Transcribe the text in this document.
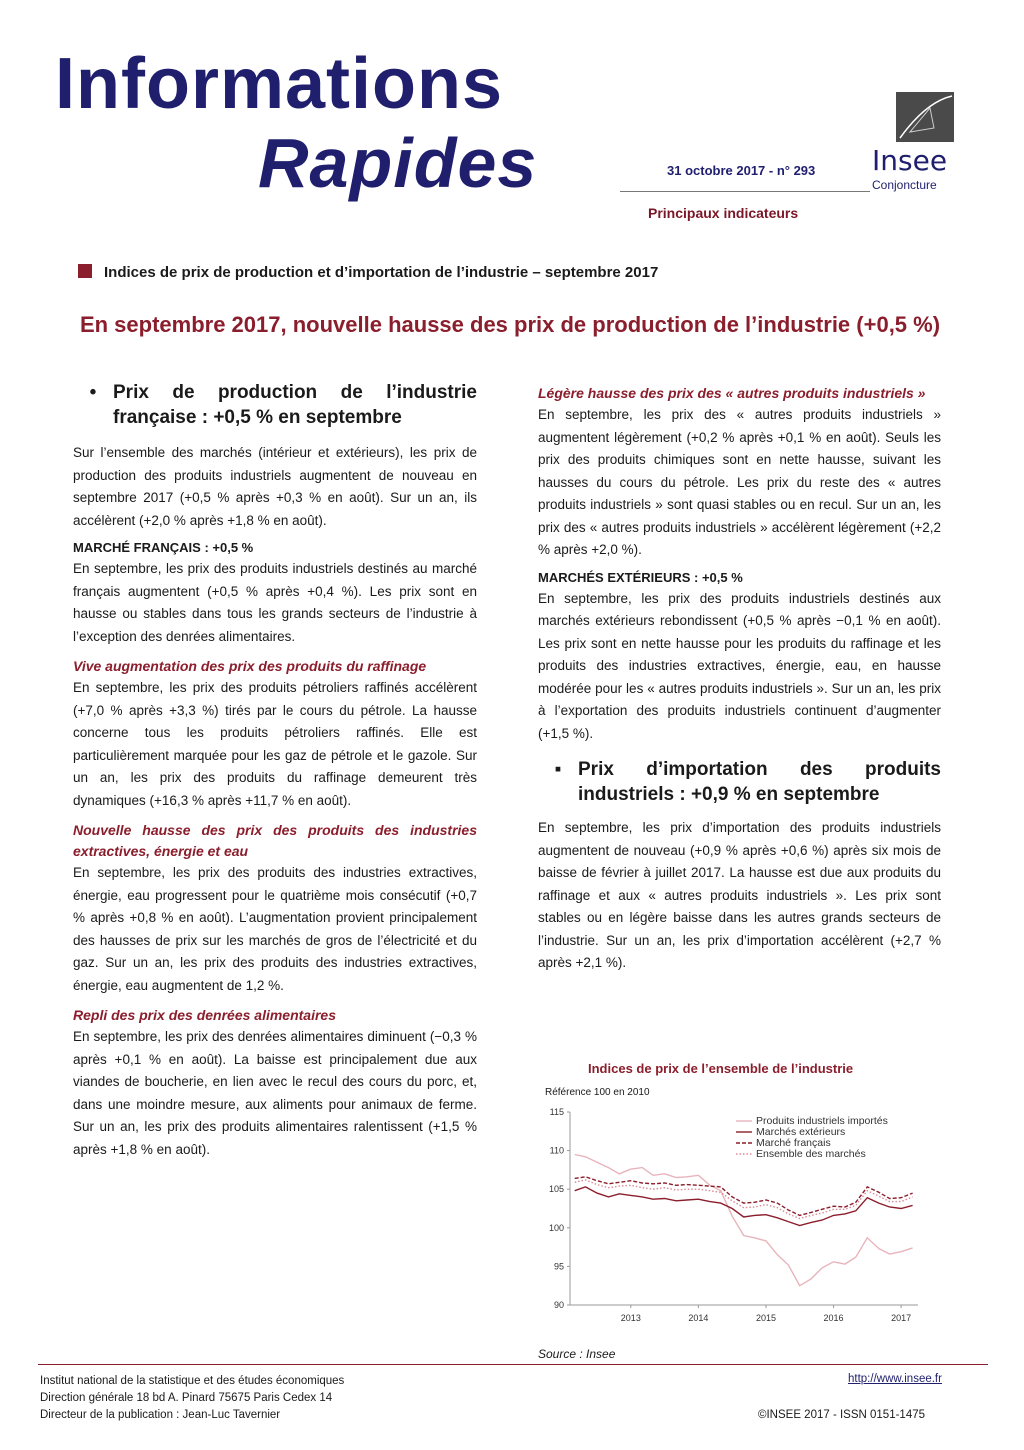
Informations
Rapides	31 octobre 2017 - n° 293
Principaux indicateurs
Insee
Conjoncture
Indices de prix de production et d’importation de l’industrie – septembre 2017
En septembre 2017, nouvelle hausse des prix de production de l’industrie (+0,5 %)
• Prix de production de l’industrie française : +0,5 % en septembre

Sur l’ensemble des marchés (intérieur et extérieurs), les prix de production des produits industriels augmentent de nouveau en septembre 2017 (+0,5 % après +0,3 % en août). Sur un an, ils accélèrent (+2,0 % après +1,8 % en août).

MARCHÉ FRANÇAIS : +0,5 %

En septembre, les prix des produits industriels destinés au marché français augmentent (+0,5 % après +0,4 %). Les prix sont en hausse ou stables dans tous les grands secteurs de l’industrie à l’exception des denrées alimentaires.

Vive augmentation des prix des produits du raffinage

En septembre, les prix des produits pétroliers raffinés accélèrent (+7,0 % après +3,3 %) tirés par le cours du pétrole. La hausse concerne tous les produits pétroliers raffinés. Elle est particulièrement marquée pour les gaz de pétrole et le gazole. Sur un an, les prix des produits du raffinage demeurent très dynamiques (+16,3 % après +11,7 % en août).

Nouvelle hausse des prix des produits des industries extractives, énergie et eau

En septembre, les prix des produits des industries extractives, énergie, eau progressent pour le quatrième mois consécutif (+0,7 % après +0,8 % en août). L’augmentation provient principalement des hausses de prix sur les marchés de gros de l’électricité et du gaz. Sur un an, les prix des produits des industries extractives, énergie, eau augmentent de 1,2 %.

Repli des prix des denrées alimentaires

En septembre, les prix des denrées alimentaires diminuent (−0,3 % après +0,1 % en août). La baisse est principalement due aux viandes de boucherie, en lien avec le recul des cours du porc, et, dans une moindre mesure, aux aliments pour animaux de ferme. Sur un an, les prix des produits alimentaires ralentissent (+1,5 % après +1,8 % en août).

Légère hausse des prix des « autres produits industriels »

En septembre, les prix des « autres produits industriels » augmentent légèrement (+0,2 % après +0,1 % en août). Seuls les prix des produits chimiques sont en nette hausse, suivant les hausses du cours du pétrole. Les prix du reste des « autres produits industriels » sont quasi stables ou en recul. Sur un an, les prix des « autres produits industriels » accélèrent légèrement (+2,2 % après +2,0 %).

MARCHÉS EXTÉRIEURS : +0,5 %

En septembre, les prix des produits industriels destinés aux marchés extérieurs rebondissent (+0,5 % après −0,1 % en août). Les prix sont en nette hausse pour les produits du raffinage et les produits des industries extractives, énergie, eau, en hausse modérée pour les « autres produits industriels ». Sur un an, les prix à l’exportation des produits industriels continuent d’augmenter (+1,5 %).

▪ Prix d’importation des produits industriels : +0,9 % en septembre

En septembre, les prix d’importation des produits industriels augmentent de nouveau (+0,9 % après +0,6 %) après six mois de baisse de février à juillet 2017. La hausse est due aux produits du raffinage et aux « autres produits industriels ». Les prix sont stables ou en légère baisse dans les autres grands secteurs de l’industrie. Sur un an, les prix d’importation accélèrent (+2,7 % après +2,1 %).

Indices de prix de l’ensemble de l’industrie
Référence 100 en 2010
90
95
100
105
110
115
2013	2014	2015	2016	2017
Produits industriels importés
Marchés extérieurs
Marché français
Ensemble des marchés
Source : Insee
Institut national de la statistique et des études économiques
Direction générale 18 bd A. Pinard 75675 Paris Cedex 14
Directeur de la publication : Jean-Luc Tavernier
http://www.insee.fr
©INSEE 2017 - ISSN 0151-1475
